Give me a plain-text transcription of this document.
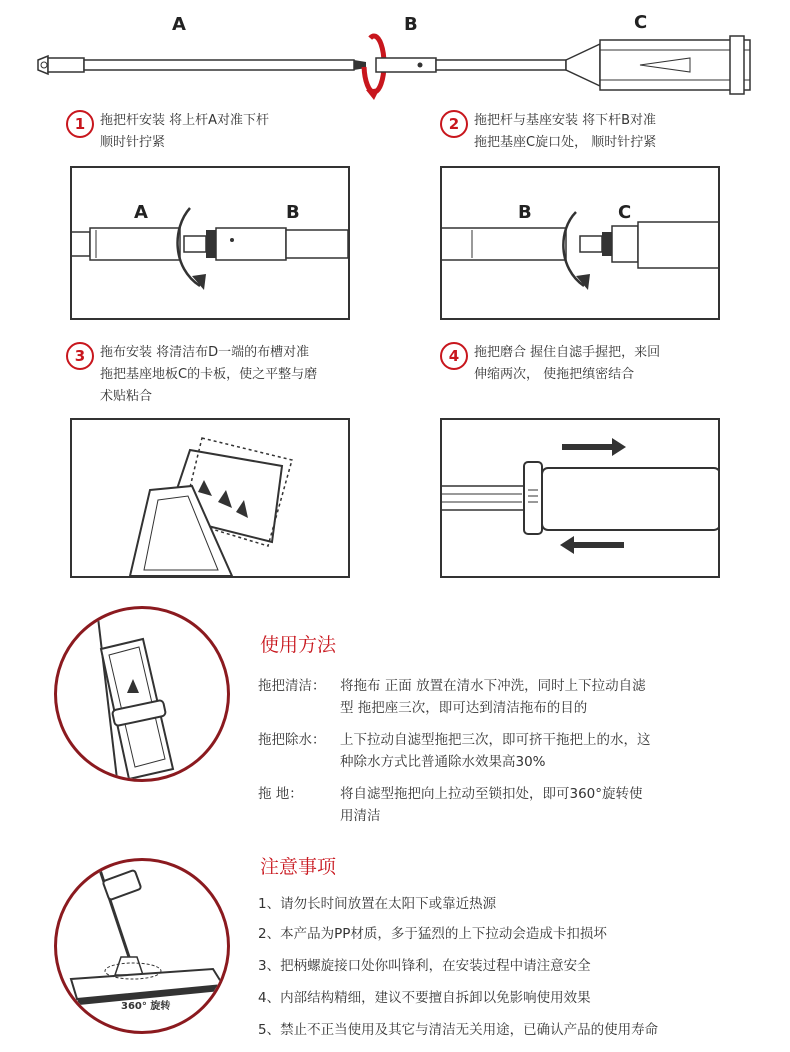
A	B	C
1	拖把杆安装 将上杆A对准下杆
顺时针拧紧
A	B
2	拖把杆与基座安装 将下杆B对准
拖把基座C旋口处， 顺时针拧紧
B	C
3	拖布安装 将清洁布D一端的布槽对准
拖把基座地板C的卡板，使之平整与磨
术贴粘合
4	拖把磨合 握住自滤手握把，来回
伸缩两次， 使拖把缜密结合
使用方法
拖把清洁： 将拖布 正面 放置在清水下冲洗，同时上下拉动自滤
型 拖把座三次，即可达到清洁拖布的目的
拖把除水： 上下拉动自滤型拖把三次，即可挤干拖把上的水，这
种除水方式比普通除水效果高30%
拖 地：	将自滤型拖把向上拉动至锁扣处，即可360°旋转使
用清洁
360° 旋转
注意事项
1、请勿长时间放置在太阳下或靠近热源
2、本产品为PP材质，多于猛烈的上下拉动会造成卡扣损坏
3、把柄螺旋接口处你叫锋利，在安装过程中请注意安全
4、内部结构精细，建议不要擅自拆卸以免影响使用效果
5、禁止不正当使用及其它与清洁无关用途，已确认产品的使用寿命
